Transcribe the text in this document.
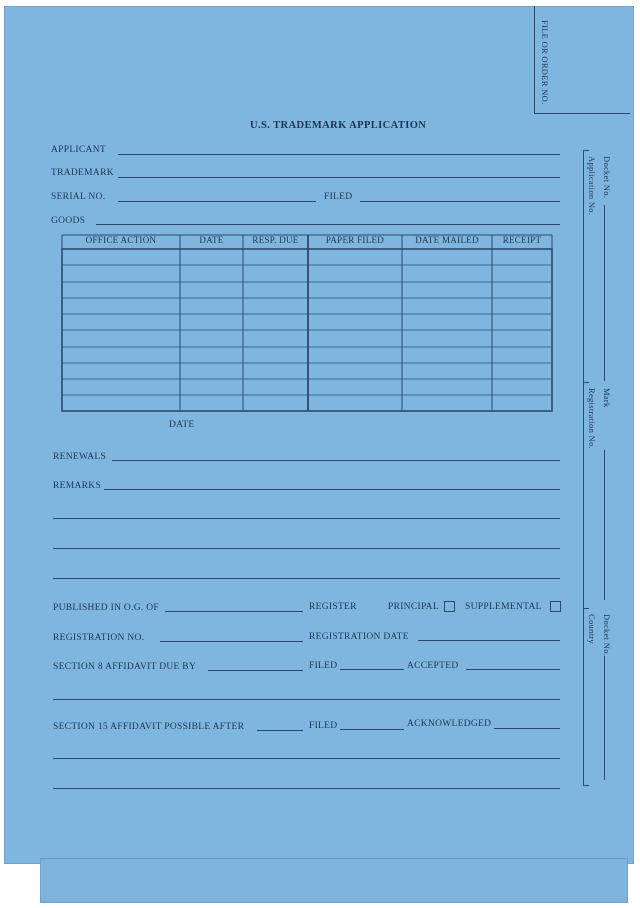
FILE OR ORDER NO.
U.S. TRADEMARK APPLICATION
APPLICANT
TRADEMARK
SERIAL NO.	FILED
GOODS
OFFICE ACTION	DATE	RESP. DUE	PAPER FILED	DATE MAILED	RECEIPT
DATE
RENEWALS
REMARKS
PUBLISHED IN O.G. OF	REGISTER	PRINCIPAL	SUPPLEMENTAL
REGISTRATION NO.	REGISTRATION DATE
SECTION 8 AFFIDAVIT DUE BY	FILED	ACCEPTED
SECTION 15 AFFIDAVIT POSSIBLE AFTER	FILED	ACKNOWLEDGED
Docket No.
Application No.
Mark
Registration No.
Docket No.
Country
